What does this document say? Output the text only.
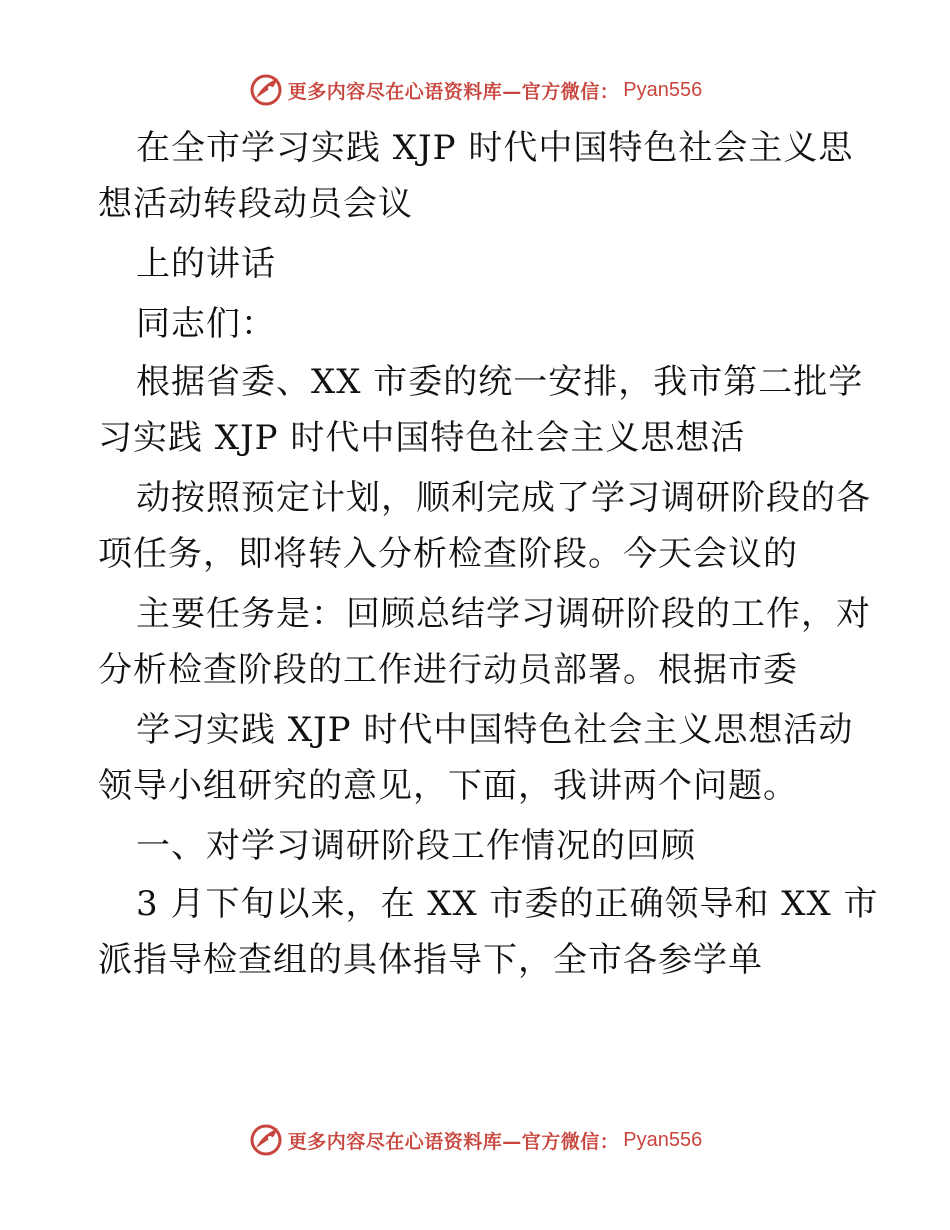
更多内容尽在心语资料库—官方微信： Pyan556
在全市学习实践 XJP 时代中国特色社会主义思
想活动转段动员会议
上的讲话
同志们：
根据省委、XX 市委的统一安排，我市第二批学
习实践 XJP 时代中国特色社会主义思想活
动按照预定计划，顺利完成了学习调研阶段的各
项任务，即将转入分析检查阶段。今天会议的
主要任务是：回顾总结学习调研阶段的工作，对
分析检查阶段的工作进行动员部署。根据市委
学习实践 XJP 时代中国特色社会主义思想活动
领导小组研究的意见，下面，我讲两个问题。
一、对学习调研阶段工作情况的回顾
3 月下旬以来，在 XX 市委的正确领导和 XX 市
派指导检查组的具体指导下，全市各参学单
更多内容尽在心语资料库—官方微信： Pyan556
